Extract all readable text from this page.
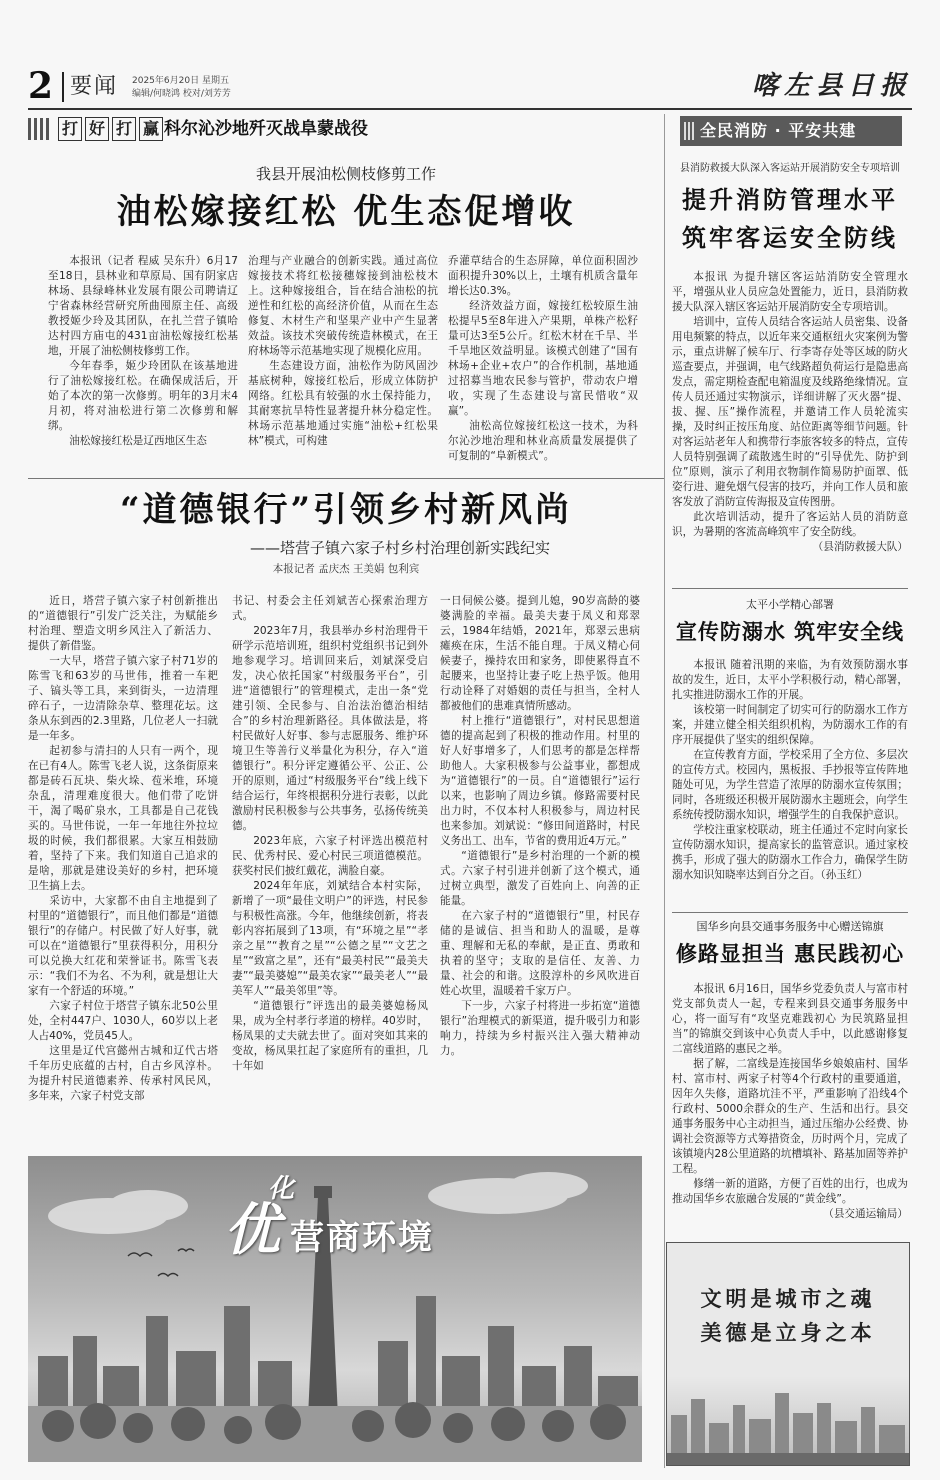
2 要闻 2025年6月20日 星期五
编辑/何晓鸿 校对/刘芳芳	喀左县日报
打 好 打 赢 科尔沁沙地歼灭战阜蒙战役
我县开展油松侧枝修剪工作
油松嫁接红松 优生态促增收

本报讯（记者 程威 吴东升）6月17至18日，县林业和草原局、国有阴家店林场、县绿峰林业发展有限公司聘请辽宁省森林经营研究所曲囤原主任、高级教授姬少玲及其团队，在扎兰营子镇哈达村四方庙屯的431亩油松嫁接红松基地，开展了油松侧枝修剪工作。

今年春季，姬少玲团队在该基地进行了油松嫁接红松。在确保成活后，开始了本次的第一次修剪。明年的3月末4月初，将对油松进行第二次修剪和解绑。

油松嫁接红松是辽西地区生态

治理与产业融合的创新实践。通过高位嫁接技术将红松接穗嫁接到油松枝木上。这种嫁接组合，旨在结合油松的抗逆性和红松的高经济价值，从而在生态修复、木材生产和坚果产业中产生显著效益。该技术突破传统造林模式，在王府林场等示范基地实现了规模化应用。

生态建设方面，油松作为防风固沙基底树种，嫁接红松后，形成立体防护网络。红松具有较强的水土保持能力，其耐寒抗旱特性显著提升林分稳定性。林场示范基地通过实施“油松+红松果林”模式，可构建

乔灌草结合的生态屏障，单位面积固沙面积提升30%以上，土壤有机质含量年增长达0.3%。

经济效益方面，嫁接红松较原生油松提早5至8年进入产果期，单株产松籽量可达3至5公斤。红松木材在千旱、半千旱地区效益明显。该模式创建了“国有林场+企业+农户”的合作机制，基地通过招募当地农民参与管护，带动农户增收，实现了生态建设与富民惜收“双赢”。

油松高位嫁接红松这一技术，为科尔沁沙地治理和林业高质量发展提供了可复制的“阜新模式”。

“道德银行”引领乡村新风尚
——塔营子镇六家子村乡村治理创新实践纪实
本报记者 孟庆杰 王美娟 包利宾

近日，塔营子镇六家子村创新推出的“道德银行”引发广泛关注，为赋能乡村治理、塑造文明乡风注入了新活力、提供了新借鉴。

一大早，塔营子镇六家子村71岁的陈雪飞和63岁的马世伟，推着一车耙子、镐头等工具，来到街头，一边清理碎石子，一边清除杂草、整理花坛。这条从东到西的2.3里路，几位老人一扫就是一年多。

起初参与清扫的人只有一两个，现在已有4人。陈雪飞老人说，这条街原来都是砖石瓦块、柴火垛、苞米堆，环境杂乱，清理难度很大。他们带了吃饼干，渴了喝矿泉水，工具都是自己花钱买的。马世伟说，一年一年地往外拉垃圾的时候，我们都很累。大家互相鼓励着，坚持了下来。我们知道自己追求的是啥，那就是建设美好的乡村，把环境卫生搞上去。

采访中，大家都不由自主地提到了村里的“道德银行”，而且他们都是“道德银行”的存储户。村民做了好人好事，就可以在“道德银行”里获得积分，用积分可以兑换大红花和荣誉证书。陈雪飞表示：“我们不为名、不为利，就是想让大家有一个舒适的环境。”

六家子村位于塔营子镇东北50公里处，全村447户、1030人，60岁以上老人占40%，党员45人。

这里是辽代宫懿州古城和辽代古塔千年历史底蕴的古村，自古乡风淳朴。为提升村民道德素养、传承村风民风，多年来，六家子村党支部

书记、村委会主任刘斌苦心探索治理方式。

2023年7月，我县举办乡村治理骨干研学示范培训班，组织村党组织书记到外地参观学习。培训回来后，刘斌深受启发，决心依托国家“村级服务平台”，引进“道德银行”的管理模式，走出一条“党建引领、全民参与、自治法治德治相结合”的乡村治理新路径。具体做法是，将村民做好人好事、参与志愿服务、维护环境卫生等善行义举量化为积分，存入“道德银行”。积分评定遵循公平、公正、公开的原则，通过“村级服务平台”线上线下结合运行，年终根据积分进行表彰，以此激励村民积极参与公共事务，弘扬传统美德。

2023年底，六家子村评选出模范村民、优秀村民、爱心村民三项道德模范。获奖村民们披红戴花，满脸自豪。

2024年年底，刘斌结合本村实际，新增了一项“最佳文明户”的评选，村民参与积极性高涨。今年，他继续创新，将表彰内容拓展到了13项，有“环境之星”“孝亲之星”“教育之星”“公德之星”“文艺之星”“致富之星”，还有“最美村民”“最美夫妻”“最美婆媳”“最美农家”“最美老人”“最美军人”“最美邻里”等。

“道德银行”评选出的最美婆媳杨凤果，成为全村孝行孝道的榜样。40岁时，杨凤果的丈夫就去世了。面对突如其来的变故，杨凤果扛起了家庭所有的重担，几十年如

一日伺候公婆。提到儿媳，90岁高龄的婆婆满脸的幸福。最美夫妻于凤义和郑翠云，1984年结婚，2021年，郑翠云患病瘫痪在床，生活不能自理。于凤义精心伺候妻子，操持农田和家务，即使累得直不起腰来，也坚持让妻子吃上热乎饭。他用行动诠释了对婚姻的责任与担当，全村人都被他们的患难真情所感动。

村上推行“道德银行”，对村民思想道德的提高起到了积极的推动作用。村里的好人好事增多了，人们思考的都是怎样帮助他人。大家积极参与公益事业，都想成为“道德银行”的一员。自“道德银行”运行以来，也影响了周边乡镇。修路需要村民出力时，不仅本村人积极参与，周边村民也来参加。刘斌说：“修田间道路时，村民义务出工、出车，节省的费用近4万元。”

“道德银行”是乡村治理的一个新的模式。六家子村引进并创新了这个模式，通过树立典型，激发了百姓向上、向善的正能量。

在六家子村的“道德银行”里，村民存储的是诚信、担当和助人的温暖，是尊重、理解和无私的奉献，是正直、勇敢和执着的坚守；支取的是信任、友善、力量、社会的和谐。这股淳朴的乡风吹进百姓心坎里，温暖着千家万户。

下一步，六家子村将进一步拓宽“道德银行”治理模式的新渠道，提升吸引力和影响力，持续为乡村振兴注入强大精神动力。

优
化
营商环境
全民消防 · 平安共建
县消防救援大队深入客运站开展消防安全专项培训
提升消防管理水平
筑牢客运安全防线

本报讯 为提升辖区客运站消防安全管理水平，增强从业人员应急处置能力，近日，县消防救援大队深入辖区客运站开展消防安全专项培训。

培训中，宣传人员结合客运站人员密集、设备用电频繁的特点，以近年来交通枢纽火灾案例为警示，重点讲解了候车厅、行李寄存处等区域的防火巡查要点，并强调，电气线路超负荷运行是隐患高发点，需定期检查配电箱温度及线路绝缘情况。宣传人员还通过实物演示，详细讲解了灭火器“提、拔、握、压”操作流程，并邀请工作人员轮流实操，及时纠正按压角度、站位距离等细节问题。针对客运站老年人和携带行李旅客较多的特点，宣传人员特别强调了疏散逃生时的“引导优先、防护到位”原则，演示了利用衣物制作简易防护面罩、低姿行进、避免烟气侵害的技巧，并向工作人员和旅客发放了消防宣传海报及宣传图册。

此次培训活动，提升了客运站人员的消防意识，为暑期的客流高峰筑牢了安全防线。

（县消防救援大队）

太平小学精心部署
宣传防溺水 筑牢安全线

本报讯 随着汛期的来临，为有效预防溺水事故的发生，近日，太平小学积极行动，精心部署，扎实推进防溺水工作的开展。

该校第一时间制定了切实可行的防溺水工作方案，并建立健全相关组织机构，为防溺水工作的有序开展提供了坚实的组织保障。

在宣传教育方面，学校采用了全方位、多层次的宣传方式。校园内，黑板报、手抄报等宣传阵地随处可见，为学生营造了浓厚的防溺水宣传氛围；同时，各班级还积极开展防溺水主题班会，向学生系统传授防溺水知识，增强学生的自我保护意识。

学校注重家校联动，班主任通过不定时向家长宣传防溺水知识，提高家长的监管意识。通过家校携手，形成了强大的防溺水工作合力，确保学生防溺水知识知晓率达到百分之百。（孙玉红）

国华乡向县交通事务服务中心赠送锦旗
修路显担当 惠民践初心

本报讯 6月16日，国华乡党委负责人与富市村党支部负责人一起，专程来到县交通事务服务中心，将一面写有“攻坚克难践初心 为民筑路显担当”的锦旗交到该中心负责人手中，以此感谢修复二富线道路的惠民之举。

据了解，二富线是连接国华乡娘娘庙村、国华村、富市村、两家子村等4个行政村的重要通道，因年久失修，道路坑洼不平，严重影响了沿线4个行政村、5000余群众的生产、生活和出行。县交通事务服务中心主动担当，通过压缩办公经费、协调社会资源等方式筹措资金，历时两个月，完成了该镇境内28公里道路的坑槽填补、路基加固等养护工程。

修缮一新的道路，方便了百姓的出行，也成为推动国华乡农旅融合发展的“黄金线”。

（县交通运输局）

文明是城市之魂
美德是立身之本
